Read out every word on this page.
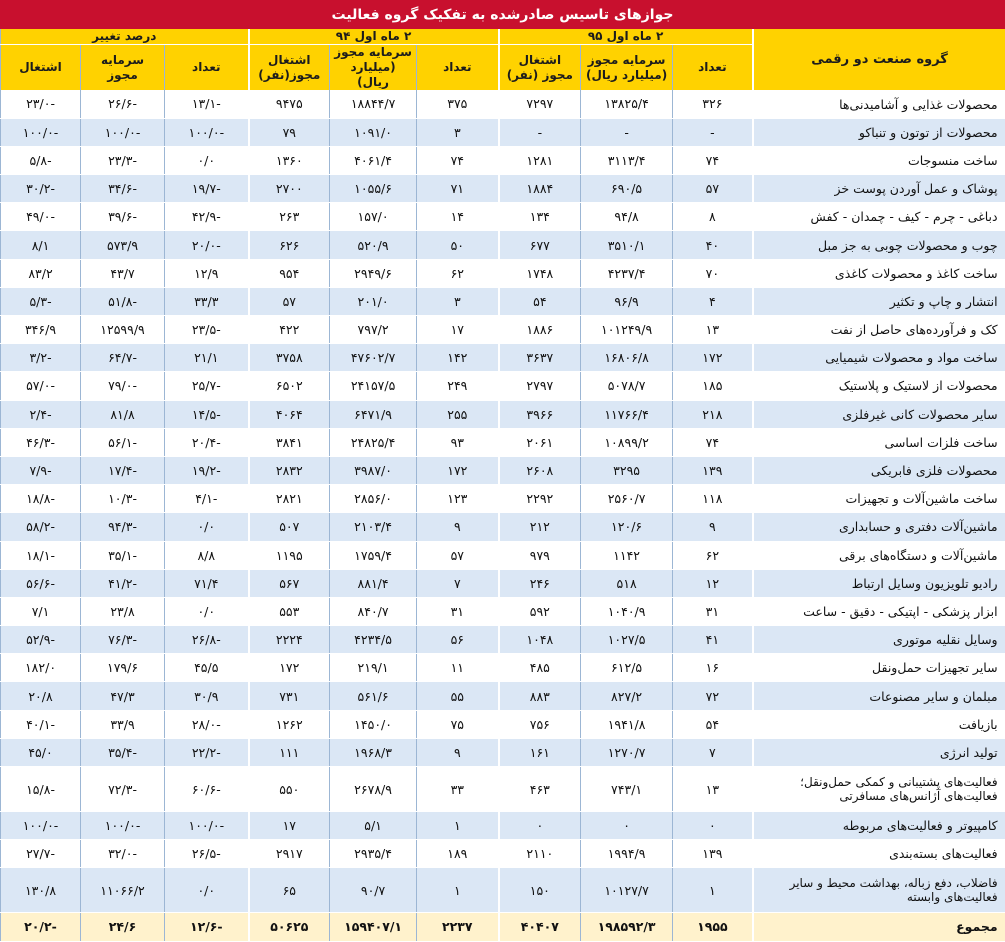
جوازهای تاسیس صادرشده به تفکیک گروه فعالیت
گروه صنعت دو رقمی	۲ ماه اول ۹۵			۲ ماه اول ۹۴			درصد تغییر		
	تعداد	سرمایه مجوز (میلیارد ریال)	اشتغال مجوز (نفر)	تعداد	سرمایه مجوز (میلیارد ریال)	اشتغال مجوز(نفر)	تعداد	سرمایه مجوز	اشتغال
محصولات غذایی و آشامیدنی‌ها	۳۲۶	۱۳۸۲۵/۴	۷۲۹۷	۳۷۵	۱۸۸۴۴/۷	۹۴۷۵	-۱۳/۱	-۲۶/۶	-۲۳/۰
محصولات از توتون و تنباکو	-	-	-	۳	۱۰۹۱/۰	۷۹	-۱۰۰/۰	-۱۰۰/۰	-۱۰۰/۰
ساخت منسوجات	۷۴	۳۱۱۳/۴	۱۲۸۱	۷۴	۴۰۶۱/۴	۱۳۶۰	۰/۰	-۲۳/۳	-۵/۸
پوشاک و عمل آوردن پوست خز	۵۷	۶۹۰/۵	۱۸۸۴	۷۱	۱۰۵۵/۶	۲۷۰۰	-۱۹/۷	-۳۴/۶	-۳۰/۲
دباغی - چرم - کیف - چمدان - کفش	۸	۹۴/۸	۱۳۴	۱۴	۱۵۷/۰	۲۶۳	-۴۲/۹	-۳۹/۶	-۴۹/۰
چوب و محصولات چوبی به جز مبل	۴۰	۳۵۱۰/۱	۶۷۷	۵۰	۵۲۰/۹	۶۲۶	-۲۰/۰	۵۷۳/۹	۸/۱
ساخت کاغذ و محصولات کاغذی	۷۰	۴۲۳۷/۴	۱۷۴۸	۶۲	۲۹۴۹/۶	۹۵۴	۱۲/۹	۴۳/۷	۸۳/۲
انتشار و چاپ و تکثیر	۴	۹۶/۹	۵۴	۳	۲۰۱/۰	۵۷	۳۳/۳	-۵۱/۸	-۵/۳
کک و فرآورده‌های حاصل از نفت	۱۳	۱۰۱۲۴۹/۹	۱۸۸۶	۱۷	۷۹۷/۲	۴۲۲	-۲۳/۵	۱۲۵۹۹/۹	۳۴۶/۹
ساخت مواد و محصولات شیمیایی	۱۷۲	۱۶۸۰۶/۸	۳۶۳۷	۱۴۲	۴۷۶۰۲/۷	۳۷۵۸	۲۱/۱	-۶۴/۷	-۳/۲
محصولات از لاستیک و پلاستیک	۱۸۵	۵۰۷۸/۷	۲۷۹۷	۲۴۹	۲۴۱۵۷/۵	۶۵۰۲	-۲۵/۷	-۷۹/۰	-۵۷/۰
سایر محصولات کانی غیرفلزی	۲۱۸	۱۱۷۶۶/۴	۳۹۶۶	۲۵۵	۶۴۷۱/۹	۴۰۶۴	-۱۴/۵	۸۱/۸	-۲/۴
ساخت فلزات اساسی	۷۴	۱۰۸۹۹/۲	۲۰۶۱	۹۳	۲۴۸۲۵/۴	۳۸۴۱	-۲۰/۴	-۵۶/۱	-۴۶/۳
محصولات فلزی فابریکی	۱۳۹	۳۲۹۵	۲۶۰۸	۱۷۲	۳۹۸۷/۰	۲۸۳۲	-۱۹/۲	-۱۷/۴	-۷/۹
ساخت ماشین‌آلات و تجهیزات	۱۱۸	۲۵۶۰/۷	۲۲۹۲	۱۲۳	۲۸۵۶/۰	۲۸۲۱	-۴/۱	-۱۰/۳	-۱۸/۸
ماشین‌آلات دفتری و حسابداری	۹	۱۲۰/۶	۲۱۲	۹	۲۱۰۳/۴	۵۰۷	۰/۰	-۹۴/۳	-۵۸/۲
ماشین‌آلات و دستگاه‌های برقی	۶۲	۱۱۴۲	۹۷۹	۵۷	۱۷۵۹/۴	۱۱۹۵	۸/۸	-۳۵/۱	-۱۸/۱
رادیو تلویزیون وسایل ارتباط	۱۲	۵۱۸	۲۴۶	۷	۸۸۱/۴	۵۶۷	۷۱/۴	-۴۱/۲	-۵۶/۶
ابزار پزشکی - اپتیکی - دقیق - ساعت	۳۱	۱۰۴۰/۹	۵۹۲	۳۱	۸۴۰/۷	۵۵۳	۰/۰	۲۳/۸	۷/۱
وسایل نقلیه موتوری	۴۱	۱۰۲۷/۵	۱۰۴۸	۵۶	۴۲۳۴/۵	۲۲۲۴	-۲۶/۸	-۷۶/۳	-۵۲/۹
سایر تجهیزات حمل‌ونقل	۱۶	۶۱۲/۵	۴۸۵	۱۱	۲۱۹/۱	۱۷۲	۴۵/۵	۱۷۹/۶	۱۸۲/۰
مبلمان و سایر مصنوعات	۷۲	۸۲۷/۲	۸۸۳	۵۵	۵۶۱/۶	۷۳۱	۳۰/۹	۴۷/۳	۲۰/۸
بازیافت	۵۴	۱۹۴۱/۸	۷۵۶	۷۵	۱۴۵۰/۰	۱۲۶۲	-۲۸/۰	۳۳/۹	-۴۰/۱
تولید انرژی	۷	۱۲۷۰/۷	۱۶۱	۹	۱۹۶۸/۳	۱۱۱	-۲۲/۲	-۳۵/۴	۴۵/۰
فعالیت‌های پشتیبانی و کمکی حمل‌ونقل؛ فعالیت‌های آژانس‌های مسافرتی	۱۳	۷۴۳/۱	۴۶۳	۳۳	۲۶۷۸/۹	۵۵۰	-۶۰/۶	-۷۲/۳	-۱۵/۸
کامپیوتر و فعالیت‌های مربوطه	۰	۰	۰	۱	۵/۱	۱۷	-۱۰۰/۰	-۱۰۰/۰	-۱۰۰/۰
فعالیت‌های بسته‌بندی	۱۳۹	۱۹۹۴/۹	۲۱۱۰	۱۸۹	۲۹۳۵/۴	۲۹۱۷	-۲۶/۵	-۳۲/۰	-۲۷/۷
فاضلاب، دفع زباله، بهداشت محیط و سایر فعالیت‌های وابسته	۱	۱۰۱۲۷/۷	۱۵۰	۱	۹۰/۷	۶۵	۰/۰	۱۱۰۶۶/۲	۱۳۰/۸
مجموع	۱۹۵۵	۱۹۸۵۹۲/۳	۴۰۴۰۷	۲۲۳۷	۱۵۹۴۰۷/۱	۵۰۶۲۵	-۱۲/۶	۲۴/۶	-۲۰/۲
